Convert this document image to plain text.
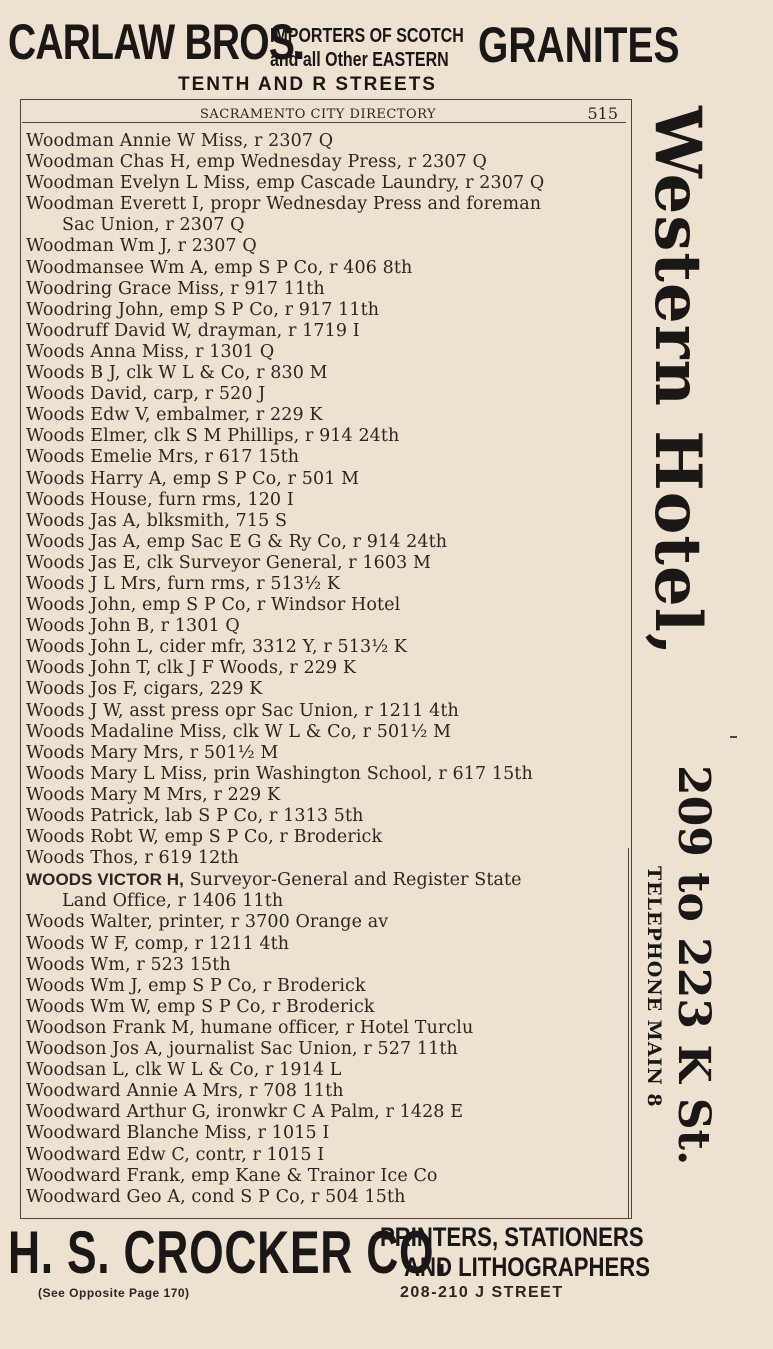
CARLAW BROS.
IMPORTERS OF SCOTCH
and all Other EASTERN GRANITES
TENTH AND R STREETS
SACRAMENTO CITY DIRECTORY	515
Woodman Annie W Miss, r 2307 Q
Woodman Chas H, emp Wednesday Press, r 2307 Q
Woodman Evelyn L Miss, emp Cascade Laundry, r 2307 Q
Woodman Everett I, propr Wednesday Press and foreman
Sac Union, r 2307 Q
Woodman Wm J, r 2307 Q
Woodmansee Wm A, emp S P Co, r 406 8th
Woodring Grace Miss, r 917 11th
Woodring John, emp S P Co, r 917 11th
Woodruff David W, drayman, r 1719 I
Woods Anna Miss, r 1301 Q
Woods B J, clk W L & Co, r 830 M
Woods David, carp, r 520 J
Woods Edw V, embalmer, r 229 K
Woods Elmer, clk S M Phillips, r 914 24th
Woods Emelie Mrs, r 617 15th
Woods Harry A, emp S P Co, r 501 M
Woods House, furn rms, 120 I
Woods Jas A, blksmith, 715 S
Woods Jas A, emp Sac E G & Ry Co, r 914 24th
Woods Jas E, clk Surveyor General, r 1603 M
Woods J L Mrs, furn rms, r 513½ K
Woods John, emp S P Co, r Windsor Hotel
Woods John B, r 1301 Q
Woods John L, cider mfr, 3312 Y, r 513½ K
Woods John T, clk J F Woods, r 229 K
Woods Jos F, cigars, 229 K
Woods J W, asst press opr Sac Union, r 1211 4th
Woods Madaline Miss, clk W L & Co, r 501½ M
Woods Mary Mrs, r 501½ M
Woods Mary L Miss, prin Washington School, r 617 15th
Woods Mary M Mrs, r 229 K
Woods Patrick, lab S P Co, r 1313 5th
Woods Robt W, emp S P Co, r Broderick
Woods Thos, r 619 12th
WOODS VICTOR H, Surveyor-General and Register State
Land Office, r 1406 11th
Woods Walter, printer, r 3700 Orange av
Woods W F, comp, r 1211 4th
Woods Wm, r 523 15th
Woods Wm J, emp S P Co, r Broderick
Woods Wm W, emp S P Co, r Broderick
Woodson Frank M, humane officer, r Hotel Turclu
Woodson Jos A, journalist Sac Union, r 527 11th
Woodsan L, clk W L & Co, r 1914 L
Woodward Annie A Mrs, r 708 11th
Woodward Arthur G, ironwkr C A Palm, r 1428 E
Woodward Blanche Miss, r 1015 I
Woodward Edw C, contr, r 1015 I
Woodward Frank, emp Kane & Trainor Ice Co
Woodward Geo A, cond S P Co, r 504 15th
Western Hotel,
209 to 223 K St.
TELEPHONE MAIN 8
H. S. CROCKER CO.
PRINTERS, STATIONERS
AND LITHOGRAPHERS
(See Opposite Page 170)	208-210 J STREET
